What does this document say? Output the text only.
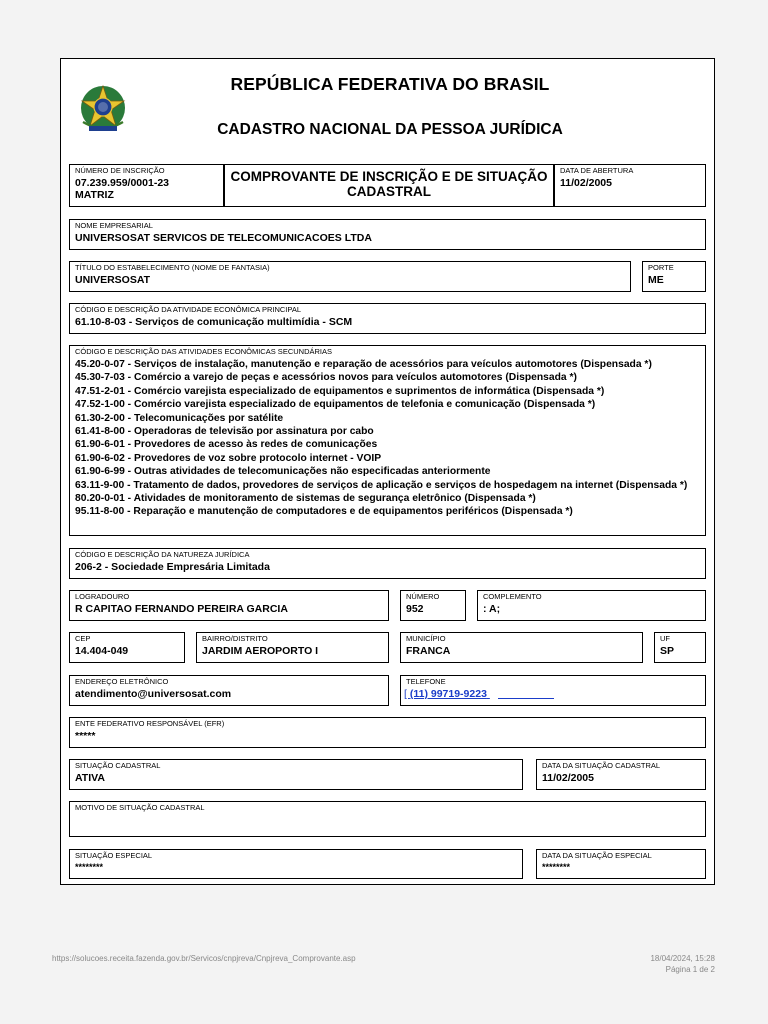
REPÚBLICA FEDERATIVA DO BRASIL
CADASTRO NACIONAL DA PESSOA JURÍDICA
NÚMERO DE INSCRIÇÃO
07.239.959/0001-23
MATRIZ
COMPROVANTE DE INSCRIÇÃO E DE SITUAÇÃO
CADASTRAL
DATA DE ABERTURA
11/02/2005
NOME EMPRESARIAL
UNIVERSOSAT SERVICOS DE TELECOMUNICACOES LTDA
TÍTULO DO ESTABELECIMENTO (NOME DE FANTASIA)
UNIVERSOSAT
PORTE
ME
CÓDIGO E DESCRIÇÃO DA ATIVIDADE ECONÔMICA PRINCIPAL
61.10-8-03 - Serviços de comunicação multimídia - SCM
CÓDIGO E DESCRIÇÃO DAS ATIVIDADES ECONÔMICAS SECUNDÁRIAS
45.20-0-07 - Serviços de instalação, manutenção e reparação de acessórios para veículos automotores (Dispensada *)
45.30-7-03 - Comércio a varejo de peças e acessórios novos para veículos automotores (Dispensada *)
47.51-2-01 - Comércio varejista especializado de equipamentos e suprimentos de informática (Dispensada *)
47.52-1-00 - Comércio varejista especializado de equipamentos de telefonia e comunicação (Dispensada *)
61.30-2-00 - Telecomunicações por satélite
61.41-8-00 - Operadoras de televisão por assinatura por cabo
61.90-6-01 - Provedores de acesso às redes de comunicações
61.90-6-02 - Provedores de voz sobre protocolo internet - VOIP
61.90-6-99 - Outras atividades de telecomunicações não especificadas anteriormente
63.11-9-00 - Tratamento de dados, provedores de serviços de aplicação e serviços de hospedagem na internet (Dispensada *)
80.20-0-01 - Atividades de monitoramento de sistemas de segurança eletrônico (Dispensada *)
95.11-8-00 - Reparação e manutenção de computadores e de equipamentos periféricos (Dispensada *)
CÓDIGO E DESCRIÇÃO DA NATUREZA JURÍDICA
206-2 - Sociedade Empresária Limitada
LOGRADOURO
R CAPITAO FERNANDO PEREIRA GARCIA
NÚMERO
952
COMPLEMENTO
: A;
CEP
14.404-049
BAIRRO/DISTRITO
JARDIM AEROPORTO I
MUNICÍPIO
FRANCA
UF
SP
ENDEREÇO ELETRÔNICO
atendimento@universosat.com
TELEFONE
[ (11) 99719-9223
ENTE FEDERATIVO RESPONSÁVEL (EFR)
*****
SITUAÇÃO CADASTRAL
ATIVA
DATA DA SITUAÇÃO CADASTRAL
11/02/2005
MOTIVO DE SITUAÇÃO CADASTRAL
SITUAÇÃO ESPECIAL
********
DATA DA SITUAÇÃO ESPECIAL
********
https://solucoes.receita.fazenda.gov.br/Servicos/cnpjreva/Cnpjreva_Comprovante.asp	18/04/2024, 15:28
Página 1 de 2
